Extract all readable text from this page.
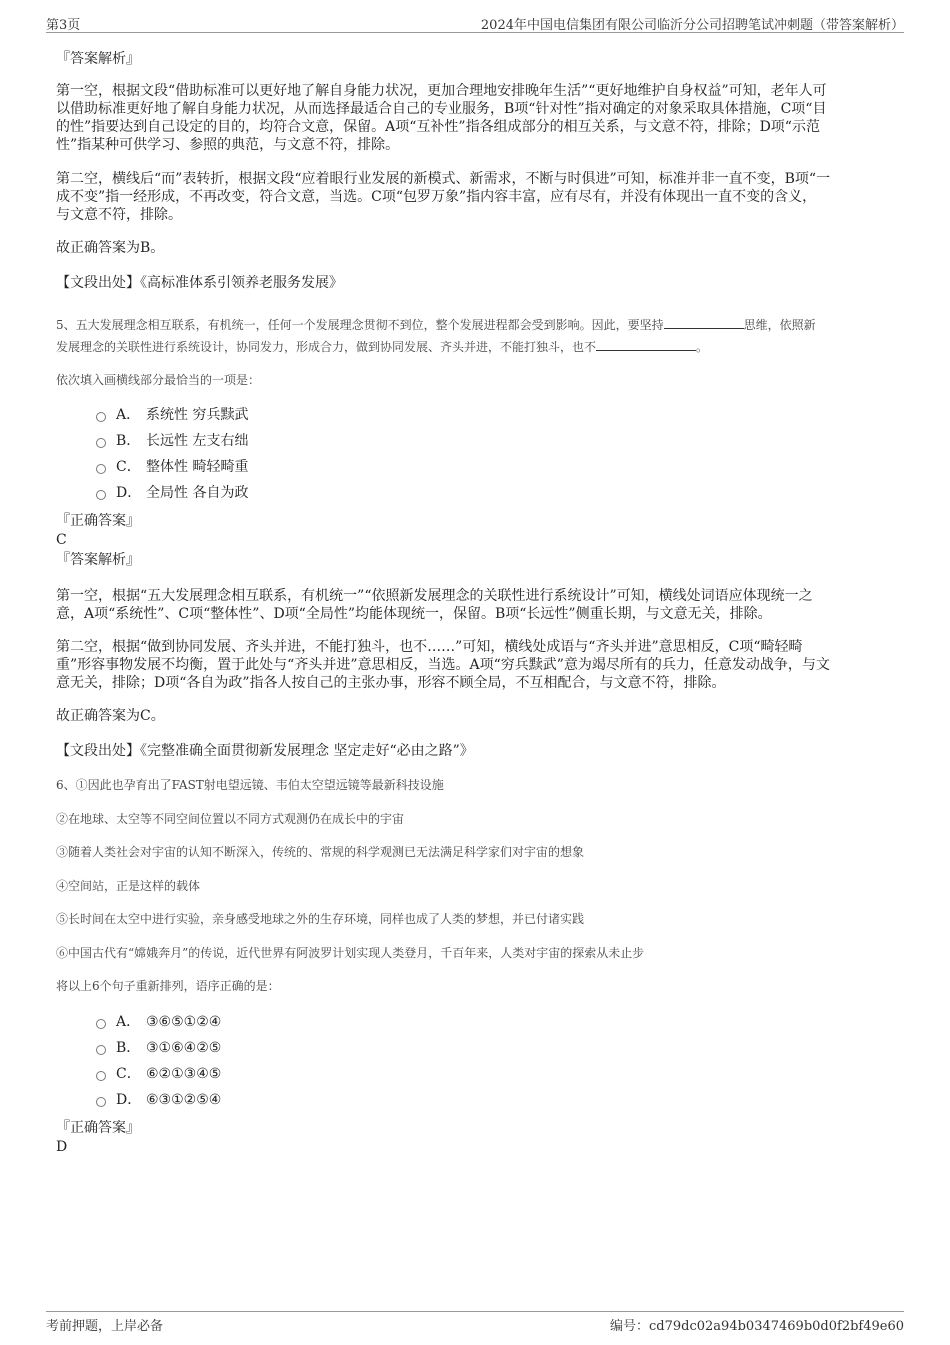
第3页	2024年中国电信集团有限公司临沂分公司招聘笔试冲刺题（带答案解析）
『答案解析』
第一空，根据文段“借助标准可以更好地了解自身能力状况，更加合理地安排晚年生活”“更好地维护自身权益”可知，老年人可
以借助标准更好地了解自身能力状况，从而选择最适合自己的专业服务，B项“针对性”指对确定的对象采取具体措施，C项“目
的性”指要达到自己设定的目的，均符合文意，保留。A项“互补性”指各组成部分的相互关系，与文意不符，排除；D项“示范
性”指某种可供学习、参照的典范，与文意不符，排除。
第二空，横线后“而”表转折，根据文段“应着眼行业发展的新模式、新需求，不断与时俱进”可知，标准并非一直不变，B项“一
成不变”指一经形成，不再改变，符合文意，当选。C项“包罗万象”指内容丰富，应有尽有，并没有体现出一直不变的含义，
与文意不符，排除。
故正确答案为B。
【文段出处】《高标准体系引领养老服务发展》
5、五大发展理念相互联系，有机统一，任何一个发展理念贯彻不到位，整个发展进程都会受到影响。因此，要坚持	思维，依照新
发展理念的关联性进行系统设计，协同发力，形成合力，做到协同发展、齐头并进，不能打独斗，也不	。
依次填入画横线部分最恰当的一项是：
A． 系统性 穷兵黩武
B． 长远性 左支右绌
C． 整体性 畸轻畸重
D． 全局性 各自为政
『正确答案』
C
『答案解析』
第一空，根据“五大发展理念相互联系，有机统一”“依照新发展理念的关联性进行系统设计”可知，横线处词语应体现统一之
意，A项“系统性”、C项“整体性”、D项“全局性”均能体现统一，保留。B项“长远性”侧重长期，与文意无关，排除。
第二空，根据“做到协同发展、齐头并进，不能打独斗，也不……”可知，横线处成语与“齐头并进”意思相反，C项“畸轻畸
重”形容事物发展不均衡，置于此处与“齐头并进”意思相反，当选。A项“穷兵黩武”意为竭尽所有的兵力，任意发动战争，与文
意无关，排除；D项“各自为政”指各人按自己的主张办事，形容不顾全局，不互相配合，与文意不符，排除。
故正确答案为C。
【文段出处】《完整准确全面贯彻新发展理念 坚定走好“必由之路”》
6、①因此也孕育出了FAST射电望远镜、韦伯太空望远镜等最新科技设施
②在地球、太空等不同空间位置以不同方式观测仍在成长中的宇宙
③随着人类社会对宇宙的认知不断深入，传统的、常规的科学观测已无法满足科学家们对宇宙的想象
④空间站，正是这样的载体
⑤长时间在太空中进行实验，亲身感受地球之外的生存环境，同样也成了人类的梦想，并已付诸实践
⑥中国古代有“嫦娥奔月”的传说，近代世界有阿波罗计划实现人类登月，千百年来，人类对宇宙的探索从未止步
将以上6个句子重新排列，语序正确的是：
A． ③⑥⑤①②④
B． ③①⑥④②⑤
C． ⑥②①③④⑤
D． ⑥③①②⑤④
『正确答案』
D
考前押题，上岸必备	编号：cd79dc02a94b0347469b0d0f2bf49e60
